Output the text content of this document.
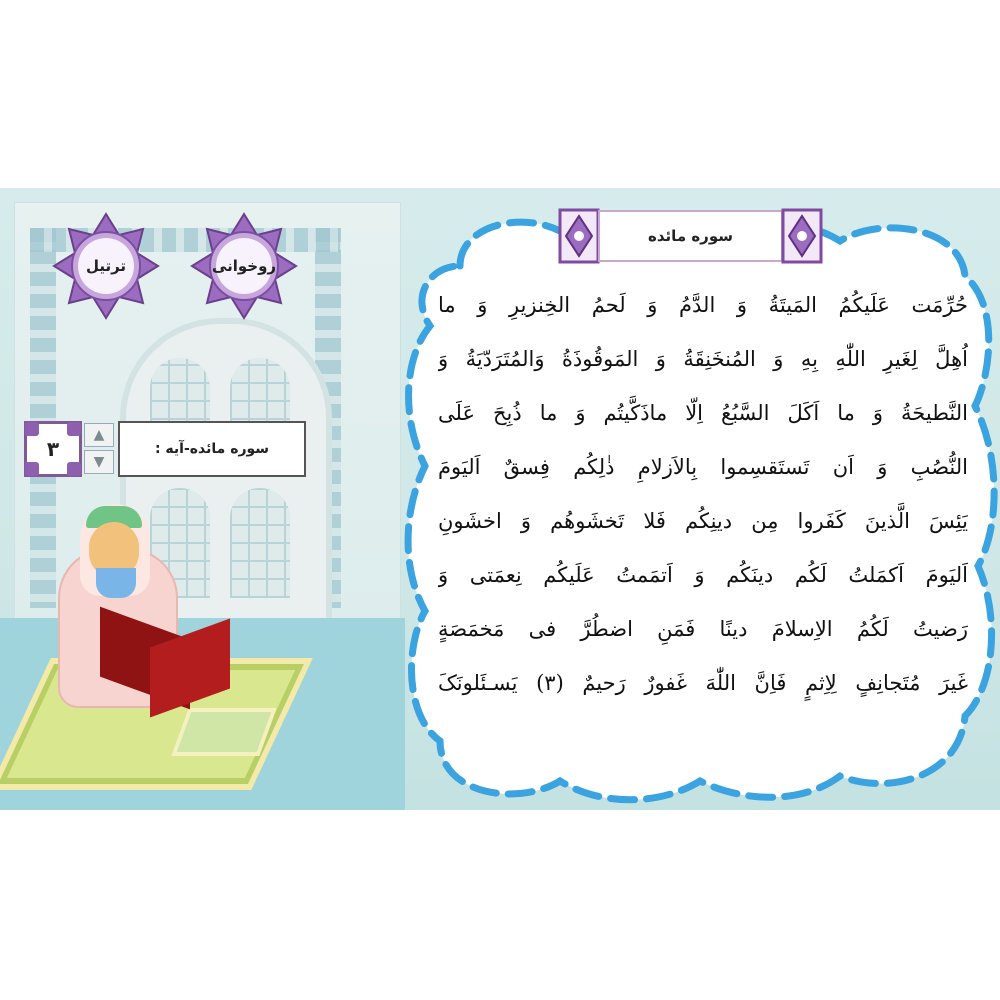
ترتیل	روخوانی
۳
▲
▼
سوره مائده-آیه :
سوره مائده
حُرِّمَت عَلَیکُمُ المَیتَةُ وَ الدَّمُ وَ لَحمُ الخِنزیرِ وَ ما
اُهِلَّ لِغَیرِ اللّٰهِ بِهِ وَ المُنخَنِقَةُ وَ المَوقُوذَةُ وَالمُتَرَدّیَةُ وَ
النَّطیحَةُ وَ ما اَکَلَ السَّبُعُ اِلّا ماذَکَّیتُم وَ ما ذُبِحَ عَلَی
النُّصُبِ وَ اَن تَستَقسِموا بِالاَزلامِ ذٰلِکُم فِسقٌ اَلیَومَ
یَئِسَ الَّذینَ کَفَروا مِن دینِکُم فَلا تَخشَوهُم وَ اخشَونِ
اَلیَومَ اَکمَلتُ لَکُم دینَکُم وَ اَتمَمتُ عَلَیکُم نِعمَتی وَ
رَضیتُ لَکُمُ الاِسلامَ دینًا فَمَنِ اضطُرَّ فی مَخمَصَةٍ
غَیرَ مُتَجانِفٍ لِاِثمٍ فَاِنَّ اللّٰهَ غَفورٌ رَحیمٌ (۳) یَسـئَلونَکَ
